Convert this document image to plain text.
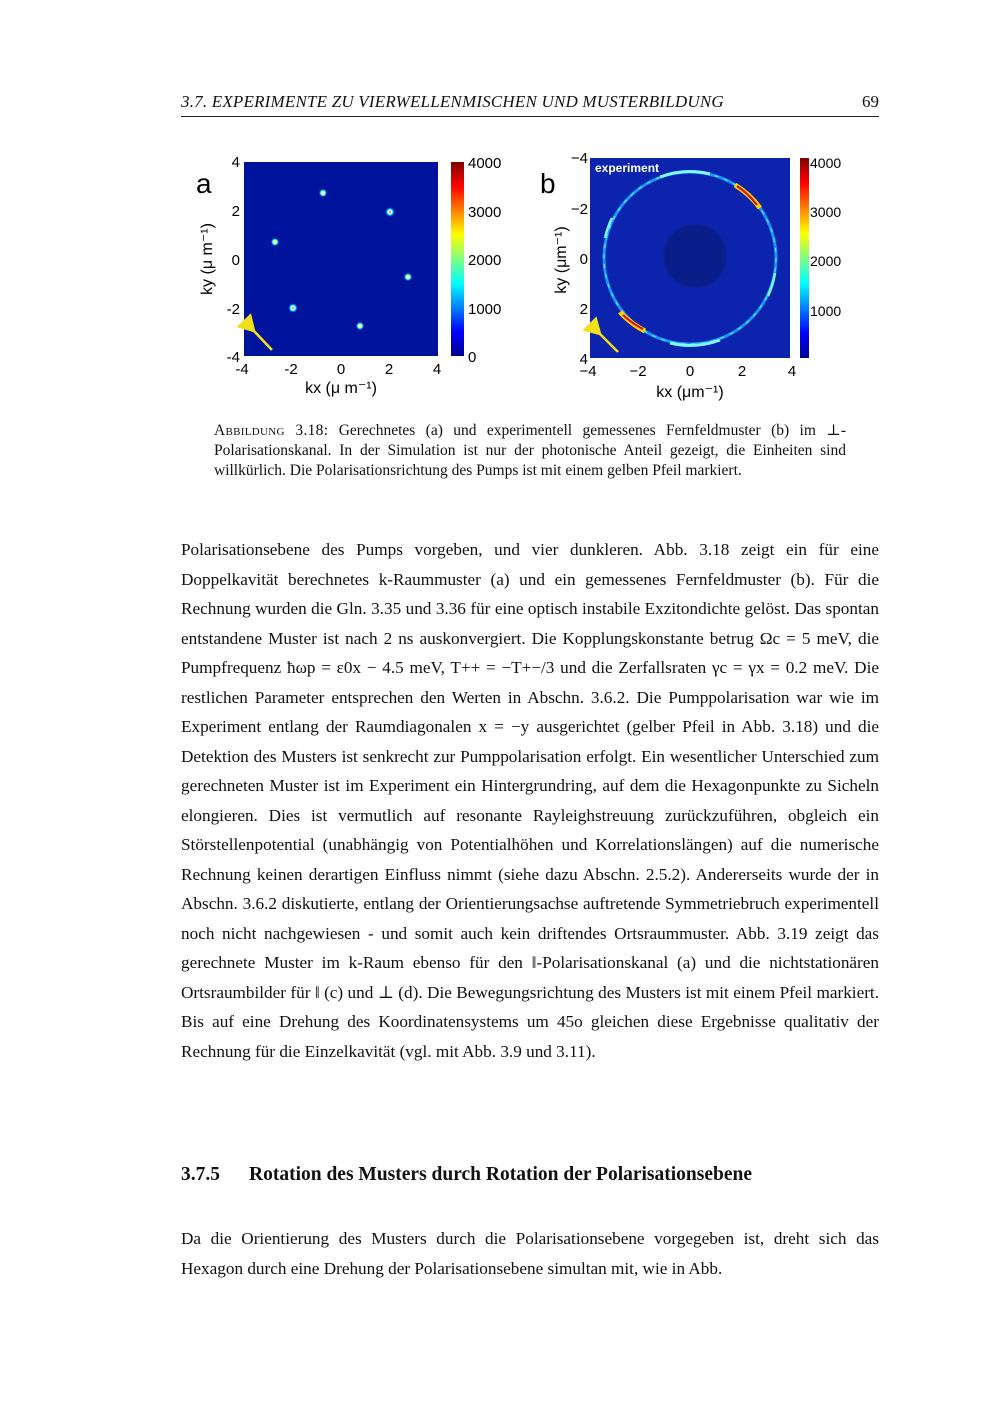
3.7. EXPERIMENTE ZU VIERWELLENMISCHEN UND MUSTERBILDUNG	69
a
4
2
0
-2
-4
-4 -2	0	2	4
kx (μ m⁻¹)
ky (μ m⁻¹)
4000
3000
2000
1000
0
b	experiment
−4
−2
0
2
4
−4 −2	0	2	4
kx (μm⁻¹)
ky (μm⁻¹)
4000
3000
2000
1000
Abbildung 3.18: Gerechnetes (a) und experimentell gemessenes Fernfeldmuster (b) im ⊥-Polarisationskanal. In der Simulation ist nur der photonische Anteil gezeigt, die Einheiten sind willkürlich. Die Polarisationsrichtung des Pumps ist mit einem gelben Pfeil markiert.

Polarisationsebene des Pumps vorgeben, und vier dunkleren. Abb. 3.18 zeigt ein für eine Doppelkavität berechnetes k-Raummuster (a) und ein gemessenes Fernfeldmuster (b). Für die Rechnung wurden die Gln. 3.35 und 3.36 für eine optisch instabile Exzitondichte gelöst. Das spontan entstandene Muster ist nach 2 ns auskonvergiert. Die Kopplungskonstante betrug Ωc = 5 meV, die Pumpfrequenz ħωp = ε0x − 4.5 meV, T++ = −T+−/3 und die Zerfallsraten γc = γx = 0.2 meV. Die restlichen Parameter entsprechen den Werten in Abschn. 3.6.2. Die Pumppolarisation war wie im Experiment entlang der Raumdiagonalen x = −y ausgerichtet (gelber Pfeil in Abb. 3.18) und die Detektion des Musters ist senkrecht zur Pumppolarisation erfolgt. Ein wesentlicher Unterschied zum gerechneten Muster ist im Experiment ein Hintergrundring, auf dem die Hexagonpunkte zu Sicheln elongieren. Dies ist vermutlich auf resonante Rayleighstreuung zurückzuführen, obgleich ein Störstellenpotential (unabhängig von Potentialhöhen und Korrelationslängen) auf die numerische Rechnung keinen derartigen Einfluss nimmt (siehe dazu Abschn. 2.5.2). Andererseits wurde der in Abschn. 3.6.2 diskutierte, entlang der Orientierungsachse auftretende Symmetriebruch experimentell noch nicht nachgewiesen - und somit auch kein driftendes Ortsraummuster. Abb. 3.19 zeigt das gerechnete Muster im k-Raum ebenso für den ‖-Polarisationskanal (a) und die nichtstationären Ortsraumbilder für ‖ (c) und ⊥ (d). Die Bewegungsrichtung des Musters ist mit einem Pfeil markiert. Bis auf eine Drehung des Koordinatensystems um 45o gleichen diese Ergebnisse qualitativ der Rechnung für die Einzelkavität (vgl. mit Abb. 3.9 und 3.11).

3.7.5 Rotation des Musters durch Rotation der Polarisationsebene

Da die Orientierung des Musters durch die Polarisationsebene vorgegeben ist, dreht sich das Hexagon durch eine Drehung der Polarisationsebene simultan mit, wie in Abb.
